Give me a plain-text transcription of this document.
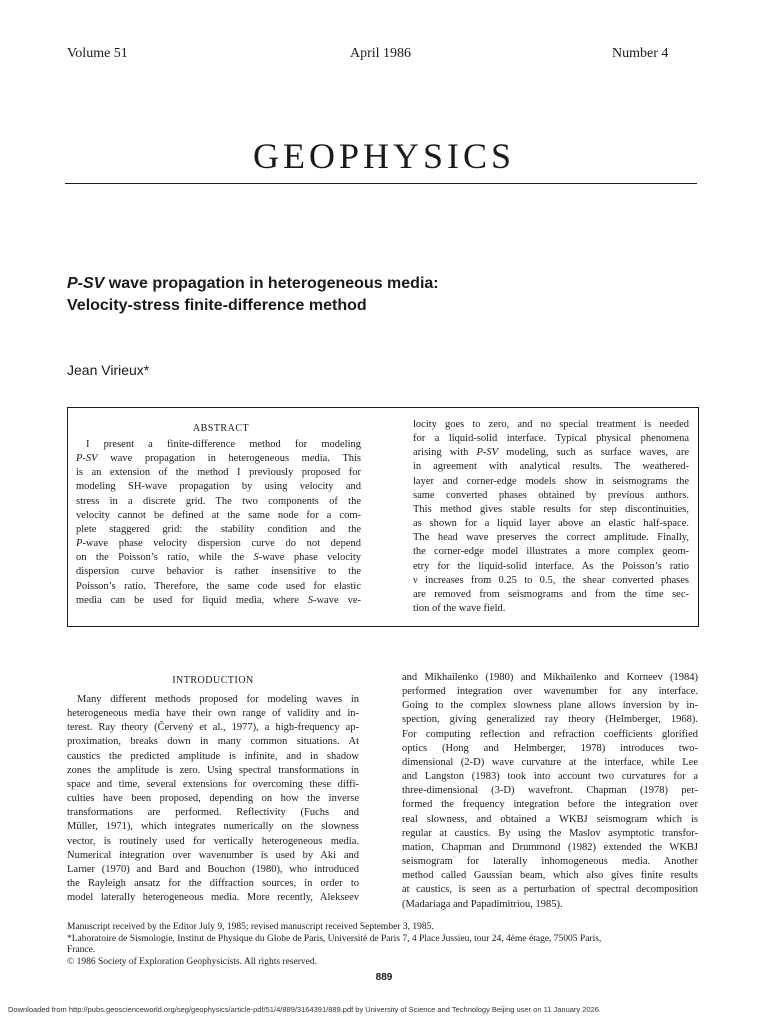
Volume 51	April 1986	Number 4
GEOPHYSICS
P-SV wave propagation in heterogeneous media:
Velocity-stress finite-difference method
Jean Virieux*
ABSTRACT
I present a finite-difference method for modeling
P-SV wave propagation in heterogeneous media. This
is an extension of the method I previously proposed for
modeling SH-wave propagation by using velocity and
stress in a discrete grid. The two components of the
velocity cannot be defined at the same node for a com-
plete staggered grid: the stability condition and the
P-wave phase velocity dispersion curve do not depend
on the Poisson’s ratio, while the S-wave phase velocity
dispersion curve behavior is rather insensitive to the
Poisson’s ratio. Therefore, the same code used for elastic
media can be used for liquid media, where S-wave ve-
locity goes to zero, and no special treatment is needed
for a liquid-solid interface. Typical physical phenomena
arising with P-SV modeling, such as surface waves, are
in agreement with analytical results. The weathered-
layer and corner-edge models show in seismograms the
same converted phases obtained by previous authors.
This method gives stable results for step discontinuities,
as shown for a liquid layer above an elastic half-space.
The head wave preserves the correct amplitude. Finally,
the corner-edge model illustrates a more complex geom-
etry for the liquid-solid interface. As the Poisson’s ratio
ν increases from 0.25 to 0.5, the shear converted phases
are removed from seismograms and from the time sec-
tion of the wave field.
INTRODUCTION
Many different methods proposed for modeling waves in
heterogeneous media have their own range of validity and in-
terest. Ray theory (Červený et al., 1977), a high-frequency ap-
proximation, breaks down in many common situations. At
caustics the predicted amplitude is infinite, and in shadow
zones the amplitude is zero. Using spectral transformations in
space and time, several extensions for overcoming these diffi-
culties have been proposed, depending on how the inverse
transformations are performed. Reflectivity (Fuchs and
Müller, 1971), which integrates numerically on the slowness
vector, is routinely used for vertically heterogeneous media.
Numerical integration over wavenumber is used by Aki and
Larner (1970) and Bard and Bouchon (1980), who introduced
the Rayleigh ansatz for the diffraction sources, in order to
model laterally heterogeneous media. More recently, Alekseev
and Mikhailenko (1980) and Mikhailenko and Korneev (1984)
performed integration over wavenumber for any interface.
Going to the complex slowness plane allows inversion by in-
spection, giving generalized ray theory (Helmberger, 1968).
For computing reflection and refraction coefficients glorified
optics (Hong and Helmberger, 1978) introduces two-
dimensional (2-D) wave curvature at the interface, while Lee
and Langston (1983) took into account two curvatures for a
three-dimensional (3-D) wavefront. Chapman (1978) per-
formed the frequency integration before the integration over
real slowness, and obtained a WKBJ seismogram which is
regular at caustics. By using the Maslov asymptotic transfor-
mation, Chapman and Drummond (1982) extended the WKBJ
seismogram for laterally inhomogeneous media. Another
method called Gaussian beam, which also gives finite results
at caustics, is seen as a perturbation of spectral decomposition
(Madariaga and Papadimitriou, 1985).
Manuscript received by the Editor July 9, 1985; revised manuscript received September 3, 1985.
*Laboratoire de Sismologie, Institut de Physique du Globe de Paris, Université de Paris 7, 4 Place Jussieu, tour 24, 4ème étage, 75005 Paris,
France.
© 1986 Society of Exploration Geophysicists. All rights reserved.
889
Downloaded from http://pubs.geoscienceworld.org/seg/geophysics/article-pdf/51/4/889/3164391/889.pdf by University of Science and Technology Beijing user on 11 January 2026
